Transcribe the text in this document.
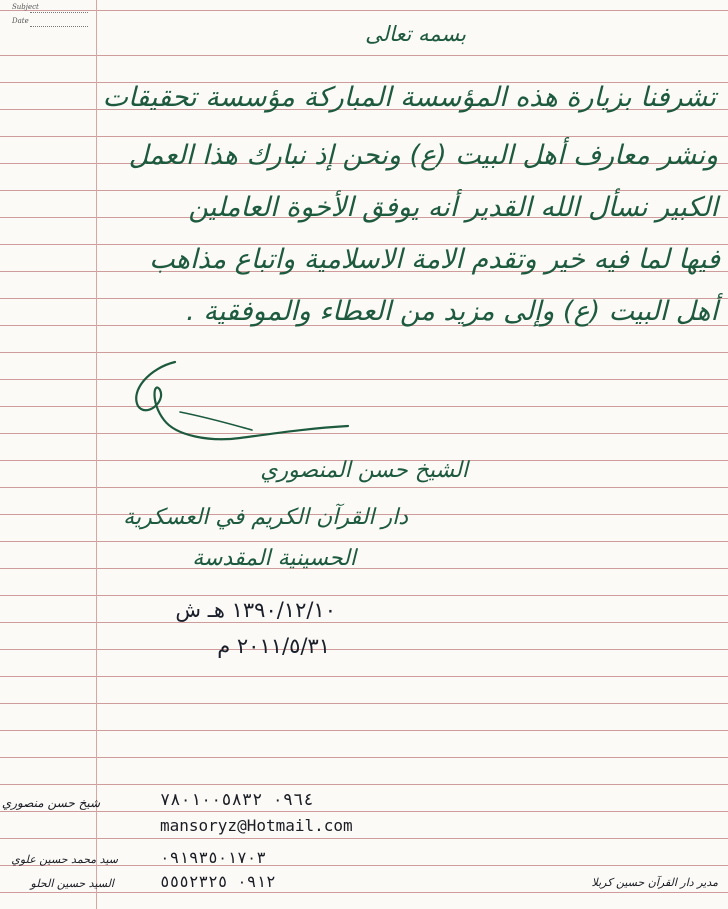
Subject
Date
بسمه تعالى
تشرفنا بزيارة هذه المؤسسة المباركة مؤسسة تحقيقات
ونشر معارف أهل البيت (ع) ونحن إذ نبارك هذا العمل
الكبير نسأل الله القدير أنه يوفق الأخوة العاملين
فيها لما فيه خير وتقدم الامة الاسلامية واتباع مذاهب
أهل البيت (ع) وإلى مزيد من العطاء والموفقية .
الشيخ حسن المنصوري
دار القرآن الكريم في العسكرية
الحسينية المقدسة
١٣٩٠/١٢/١٠ هـ ش
٢٠١١/٥/٣١ م
شيخ حسن منصوري	٠٩٦٤ ٧٨٠١٠٠٥٨٣٢
mansoryz@Hotmail.com
سيد محمد حسين علوي	٠٩١٩٣٥٠١٧٠٣
السيد حسين الحلو	٠٩١٢ ٥٥٥٢٣٢٥	مدير دار القرآن حسين كربلا
